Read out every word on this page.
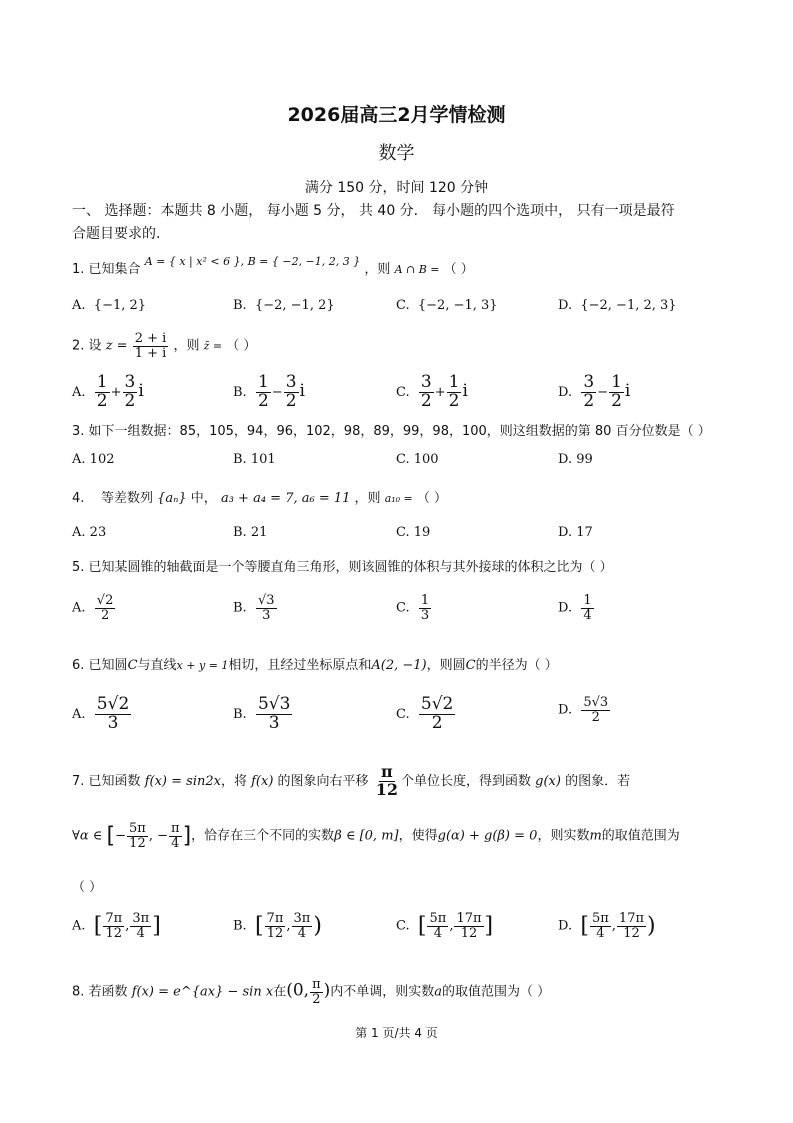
2026届高三2月学情检测
数学
满分 150 分，时间 120 分钟
一、 选择题：本题共 8 小题， 每小题 5 分， 共 40 分． 每小题的四个选项中， 只有一项是最符
合题目要求的.
1. 已知集合 $^{A = \{ x | x^2 < 6 \}, B = \{ -2, -1, 2, 3 \}}$ ，则 A ∩ B = （ ）
A. {−1, 2}	B. {−2, −1, 2}	C. {−2, −1, 3}	D. {−2, −1, 2, 3}
2. 设 $z = \frac{2 + i}{1 + i}$ ，则 z̄ = （ ）
A. $\frac{1}{2} + \frac{3}{2}$ i	B. $\frac{1}{2} - \frac{3}{2}$ i	C. $\frac{3}{2} + \frac{1}{2}$ i	D. $\frac{3}{2} - \frac{1}{2}$ i
3. 如下一组数据：85，105，94，96，102，98，89，99，98，100，则这组数据的第 80 百分位数是（ ）
A. 102	B. 101	C. 100	D. 99
4. 等差数列 {aₙ} 中， a₃ + a₄ = 7, a₆ = 11 ，则 a₁₀ = （ ）
A. 23	B. 21	C. 19	D. 17
5. 已知某圆锥的轴截面是一个等腰直角三角形，则该圆锥的体积与其外接球的体积之比为（ ）
A. $\frac{√2}{2}$	B. $\frac{√3}{3}$	C. $\frac{1}{3}$	D. $\frac{1}{4}$
6. 已知圆C与直线x + y = 1相切，且经过坐标原点和A(2, −1)，则圆C的半径为（ ）
A. $\frac{5√2}{3}$	B. $\frac{5√3}{3}$	C. $\frac{5√2}{2}$	D. $\frac{5√3}{2}$
7. 已知函数 f(x) = sin2x，将 f(x) 的图象向右平移 $\frac{\pi}{12}$ 个单位长度，得到函数 g(x) 的图象．若
∀α ∈ [− $\frac{5\pi}{12}$ , − $\frac{\pi}{4}$ ]，恰存在三个不同的实数β ∈ [0, m]，使得g(α) + g(β) = 0，则实数m的取值范围为
（ ）
A. [ $\frac{7\pi}{12}$ , $\frac{3\pi}{4}$ ]	B. [ $\frac{7\pi}{12}$ , $\frac{3\pi}{4}$ )	C. [ $\frac{5\pi}{4}$ , $\frac{17\pi}{12}$ ]	D. [ $\frac{5\pi}{4}$ , $\frac{17\pi}{12}$ )
8. 若函数 f(x) = e^{ax} − sin x在(0, $\frac{\pi}{2}$ )内不单调，则实数a的取值范围为（ ）
第 1 页/共 4 页
